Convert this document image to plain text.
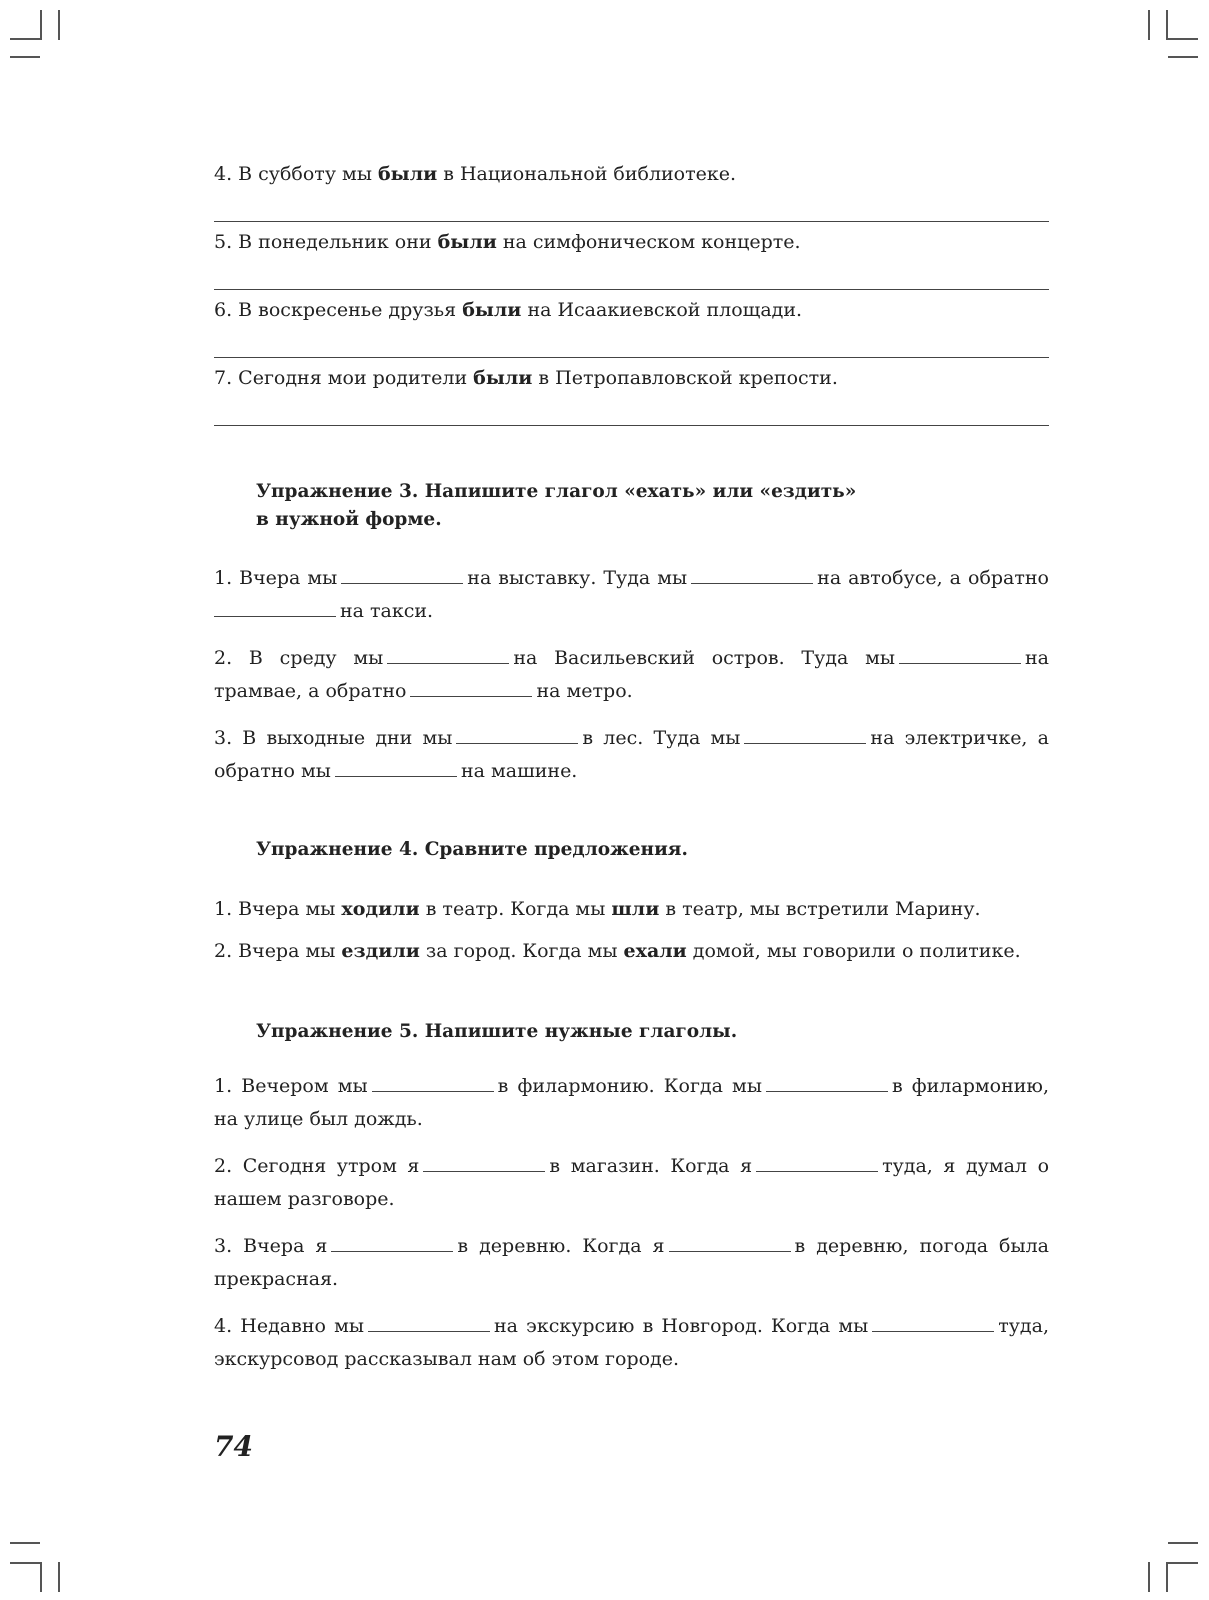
4. В субботу мы были в Национальной библиотеке.

5. В понедельник они были на симфоническом концерте.

6. В воскресенье друзья были на Исаакиевской площади.

7. Сегодня мои родители были в Петропавловской крепости.

Упражнение 3. Напишите глагол «ехать» или «ездить»
в нужной форме.

1. Вчера мы	на выставку. Туда мы	на автобусе, а обратно на такси.

2. В среду мы	на Васильевский остров. Туда мы	на трамвае, а обратно	на метро.

3. В выходные дни мы	в лес. Туда мы	на электричке, а обратно мы	на машине.

Упражнение 4. Сравните предложения.

1. Вчера мы ходили в театр. Когда мы шли в театр, мы встретили Марину.

2. Вчера мы ездили за город. Когда мы ехали домой, мы говорили о политике.

Упражнение 5. Напишите нужные глаголы.

1. Вечером мы	в филармонию. Когда мы	в филармонию, на улице был дождь.

2. Сегодня утром я	в магазин. Когда я	туда, я думал о нашем разговоре.

3. Вчера я	в деревню. Когда я	в деревню, погода была прекрасная.

4. Недавно мы	на экскурсию в Новгород. Когда мы	туда, экскурсовод рассказывал нам об этом городе.

74
